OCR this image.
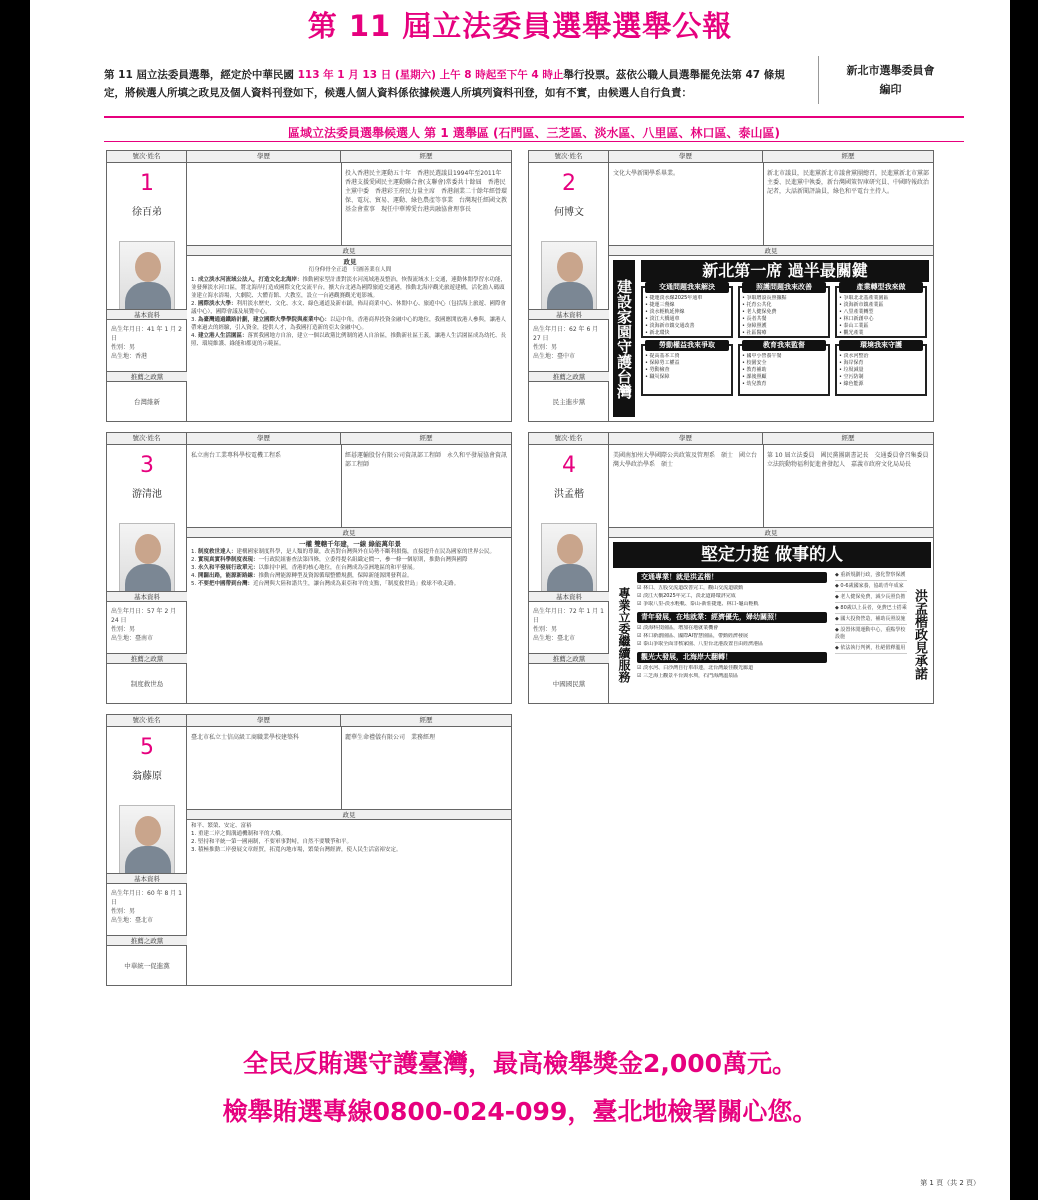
第 11 屆立法委員選舉選舉公報
第 11 屆立法委員選舉，經定於中華民國 113 年 1 月 13 日 (星期六) 上午 8 時起至下午 4 時止舉行投票。茲依公職人員選舉罷免法第 47 條規定，將候選人所填之政見及個人資料刊登如下，候選人個人資料係依據候選人所填列資料刊登，如有不實，由候選人自行負責：
新北市選舉委員會
編印
區域立法委員選舉候選人 第 1 選舉區 (石門區、三芝區、淡水區、八里區、林口區、泰山區)
號次·姓名	學歷	經歷
1
徐百弟
投入香港民主運動五十年　香港民選議員1994年至2011年　香港支援愛國民主運動聯合會(支聯會)常委共十餘屆　香港民主黨中委　香港彩王府民力量主席　香港創業二十餘年經營環保、電玩、貿易、運動、綠色農產等事業　台灣現任經國文教基金會董事　現任中華博愛台港共融協會理事長
政見
基本資料
出生年月日：41 年 1 月 2 日
性別：男
出生地：香港
推薦之政黨
台灣維新
政見
衍身仰骨全正道　只圖善業在人間
1. 成立淡水河流域公法人，打造文化北海岸：推動國家型計畫對淡水河流域港及整治，恢復流域水上交通，連動休閒學習水功能，並發揮淡水河口區，將北海岸打造成國際文化交流平台，擴大台北港為國際旅遊交通港，推動北海岸觀光旅遊建構，活化漁人碼頭並建立海水浴場，大劇院、大體育館、大教室，設立一台港觀賽觀光電影城。
2. 國際淡水大學：利用淡水歷史、文化、水文、綠色通道及新市鎮，佈局商業中心、休閒中心、旅遊中心（包括海上旅遊、國際會議中心），國際會議及展覽中心。
3. 為臺灣通過鐵路計劃，建立國際大學學院與產業中心：以這中角，香港商界投資金融中心的地位，我國應開放港人參與，讓港人帶來過去的經驗，引入資金，提供人才，為我國打造新的亞太金融中心。
4. 建立港人生活園區：落實我國地方自治，建立一個以政黨比例制的港人自治區，推動新社區王義，讓港人生活園區成為幼托、長照、環境維護、綠能和都更的示範區。
號次·姓名	學歷	經歷
2
何博文
文化大學新聞學系畢業。	新北市議員，民進黨新北市議會黨團總召，民進黨新北市黨部主委、民進黨中執委，新台灣國策智庫研究員、中國時報政治記者，大話新聞評論員，綠色和平電台主持人。
政見
基本資料
出生年月日：62 年 6 月 27 日
性別：男
出生地：臺中市
推薦之政黨
民主進步黨
建設家園守護台灣
新北第一席 過半最關鍵
交通問題我來解決
• 捷運淡水線2025年通車
• 捷運三鶯線
• 淡水輕軌延伸線
• 淡江大橋通車
• 淡海新市鎮交通改善
• 新北環快
照護問題我來改善
• 爭取增設長照據點
• 托育公共化
• 老人健保免費
• 長者共餐
• 身障照護
• 社區醫療
產業轉型我來做
• 爭取北北基產業園區
• 淡海新市鎮產業區
• 八里產業轉型
• 林口新創中心
• 泰山工業區
• 觀光產業
勞動權益我來爭取
• 提高基本工資
• 保障勞工權益
• 勞動檢查
• 職災保障
教育我來監督
• 國中小營養午餐
• 校園安全
• 教育補助
• 課後照顧
• 幼兒教育
環境我來守護
• 淡水河整治
• 海岸保育
• 垃圾減量
• 空污防制
• 綠色能源
號次·姓名	學歷	經歷
3
游清池
私立南台工業專科學校電機工程系	經碁運輸股份有限公司資訊部工程師　永久和平發展協會資訊部工程師
政見
基本資料
出生年月日：57 年 2 月 24 日
性別：男
出生地：臺南市
推薦之政黨
制度救世島
一權 雙轄千年建，一線 綠能萬年景
1. 制度救世達人：建構國家制度科學，是人類的尊嚴，改善對台灣與外在局勢不斷利損傷，直接提升在民為國家的世界公民。
2. 實現真實科學制度表現：一行政院組審查法第四條，立委得提名組織定價一，參一條一個原則，推動台灣與國際
3. 永久和平發展行政單元：以維持中國，香港的核心地位，在台灣成為亞洲地區的和平發展。
4. 開闢出路，能源新路線：推動台灣能源轉型及資源循環整體規劃，保障新能源開發利益。
5. 不要把中國帶到台灣：近台灣與大陸和諧共生，讓台灣成為東亞和平的支點，「制度救世島」救球不收走路。
號次·姓名	學歷	經歷
4
洪孟楷
美國南加州大學國際公共政策及管理系　碩士　國立台灣大學政治學系　碩士
第 10 屆立法委員　國民黨團副書記長　交通委員會召集委員　立法院動物福利促進會發起人　嘉義市政府文化局局長
政見
基本資料
出生年月日：72 年 1 月 1 日
性別：男
出生地：臺北市
推薦之政黨
中國國民黨
堅定力挺 做事的人
專業立委繼續服務
交通專業！就是洪孟楷！
☑ 林口、五股交流道改善完工，觀山交流道啟動
☑ 淡江大橋2025年完工，淡北道路環評完成
☑ 爭取八里-淡水輕軌、泰山-新莊捷運、林口-龜山輕軌
青年發展，在地就業：經濟優先，婦幼關照！
☑ 淡海科技園區，增加在地就業機會
☑ 林口新創園區、國際AI智慧園區，帶動經濟發展
☑ 泰山爭取全面非核家園、八里台北港設置自由經濟港區
觀光大發展，北海岸大翻轉！
☑ 淡水河、白沙灣自行車串連，北台灣最佳觀光廊道
☑ 三芝海上觀景平台與水圳，石門海灣溫泉區
◆ 重新規劃行政，強化警察保護
◆ 0-6歲國家養，協助青年成家
◆ 老人健保免費，減少長照負擔
◆ 80歲以上長者，免費巴士搭乘
◆ 國大投資營造，補助長照設施
◆ 設置休閒運動中心，重點學校設施
◆ 依法執行判例，杜絕假釋濫用 洪孟楷政見承諾
號次·姓名	學歷	經歷
5
翁藤原
臺北市私立士信高級工商職業學校建築科	麗華生命禮儀有限公司　業務經理
政見
基本資料
出生年月日：60 年 8 月 1 日
性別：男
出生地：臺北市
推薦之政黨
中華統一促進黨
和平、繁榮、安定、富裕
1. 重建二岸之間溝通機制和平的大橋。
2. 堅持和平統一第一國兩制，不要軍事對峙，自然不要戰爭和平。
3. 積極推動二岸發展文章經貿，拓寬內地市場，繁榮台灣經濟，使人民生活富裕安定。
全民反賄選守護臺灣，最高檢舉獎金2,000萬元。
檢舉賄選專線0800-024-099，臺北地檢署關心您。
第 1 頁（共 2 頁）
